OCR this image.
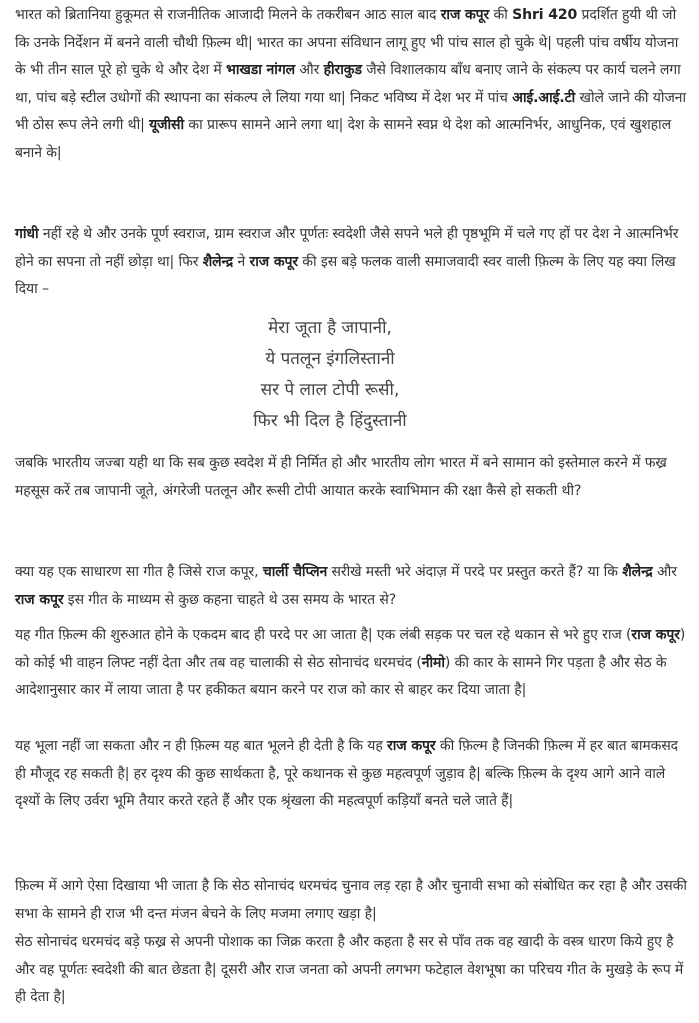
भारत को ब्रितानिया हुकूमत से राजनीतिक आजादी मिलने के तकरीबन आठ साल बाद राज कपूर की Shri 420 प्रदर्शित हुयी थी जो कि उनके निर्देशन में बनने वाली चौथी फ़िल्म थी| भारत का अपना संविधान लागू हुए भी पांच साल हो चुके थे| पहली पांच वर्षीय योजना के भी तीन साल पूरे हो चुके थे और देश में भाखडा नांगल और हीराकुड जैसे विशालकाय बाँध बनाए जाने के संकल्प पर कार्य चलने लगा था, पांच बड़े स्टील उधोगों की स्थापना का संकल्प ले लिया गया था| निकट भविष्य में देश भर में पांच आई.आई.टी खोले जाने की योजना भी ठोस रूप लेने लगी थी| यूजीसी का प्रारूप सामने आने लगा था| देश के सामने स्वप्न थे देश को आत्मनिर्भर, आधुनिक, एवं खुशहाल बनाने के|

गांधी नहीं रहे थे और उनके पूर्ण स्वराज, ग्राम स्वराज और पूर्णतः स्वदेशी जैसे सपने भले ही पृष्ठभूमि में चले गए हों पर देश ने आत्मनिर्भर होने का सपना तो नहीं छोड़ा था| फिर शैलेन्द्र ने राज कपूर की इस बड़े फलक वाली समाजवादी स्वर वाली फ़िल्म के लिए यह क्या लिख दिया –

मेरा जूता है जापानी,
ये पतलून इंगलिस्तानी
सर पे लाल टोपी रूसी,
फिर भी दिल है हिंदुस्तानी

जबकि भारतीय जज्बा यही था कि सब कुछ स्वदेश में ही निर्मित हो और भारतीय लोग भारत में बने सामान को इस्तेमाल करने में फख्र महसूस करें तब जापानी जूते, अंगरेजी पतलून और रूसी टोपी आयात करके स्वाभिमान की रक्षा कैसे हो सकती थी?

क्या यह एक साधारण सा गीत है जिसे राज कपूर, चार्ली चैप्लिन सरीखे मस्ती भरे अंदाज़ में परदे पर प्रस्तुत करते हैं? या कि शैलेन्द्र और राज कपूर इस गीत के माध्यम से कुछ कहना चाहते थे उस समय के भारत से?

यह गीत फ़िल्म की शुरुआत होने के एकदम बाद ही परदे पर आ जाता है| एक लंबी सड़क पर चल रहे थकान से भरे हुए राज (राज कपूर) को कोई भी वाहन लिफ्ट नहीं देता और तब वह चालाकी से सेठ सोनाचंद धरमचंद (नीमो) की कार के सामने गिर पड़ता है और सेठ के आदेशानुसार कार में लाया जाता है पर हकीकत बयान करने पर राज को कार से बाहर कर दिया जाता है|

यह भूला नहीं जा सकता और न ही फ़िल्म यह बात भूलने ही देती है कि यह राज कपूर की फ़िल्म है जिनकी फ़िल्म में हर बात बामकसद ही मौजूद रह सकती है| हर दृश्य की कुछ सार्थकता है, पूरे कथानक से कुछ महत्वपूर्ण जुड़ाव है| बल्कि फ़िल्म के दृश्य आगे आने वाले दृश्यों के लिए उर्वरा भूमि तैयार करते रहते हैं और एक श्रृंखला की महत्वपूर्ण कड़ियाँ बनते चले जाते हैं|

फ़िल्म में आगे ऐसा दिखाया भी जाता है कि सेठ सोनाचंद धरमचंद चुनाव लड़ रहा है और चुनावी सभा को संबोधित कर रहा है और उसकी सभा के सामने ही राज भी दन्त मंजन बेचने के लिए मजमा लगाए खड़ा है|

सेठ सोनाचंद धरमचंद बड़े फख्र से अपनी पोशाक का जिक्र करता है और कहता है सर से पाँव तक वह खादी के वस्त्र धारण किये हुए है और वह पूर्णतः स्वदेशी की बात छेडता है| दूसरी और राज जनता को अपनी लगभग फटेहाल वेशभूषा का परिचय गीत के मुखड़े के रूप में ही देता है|
